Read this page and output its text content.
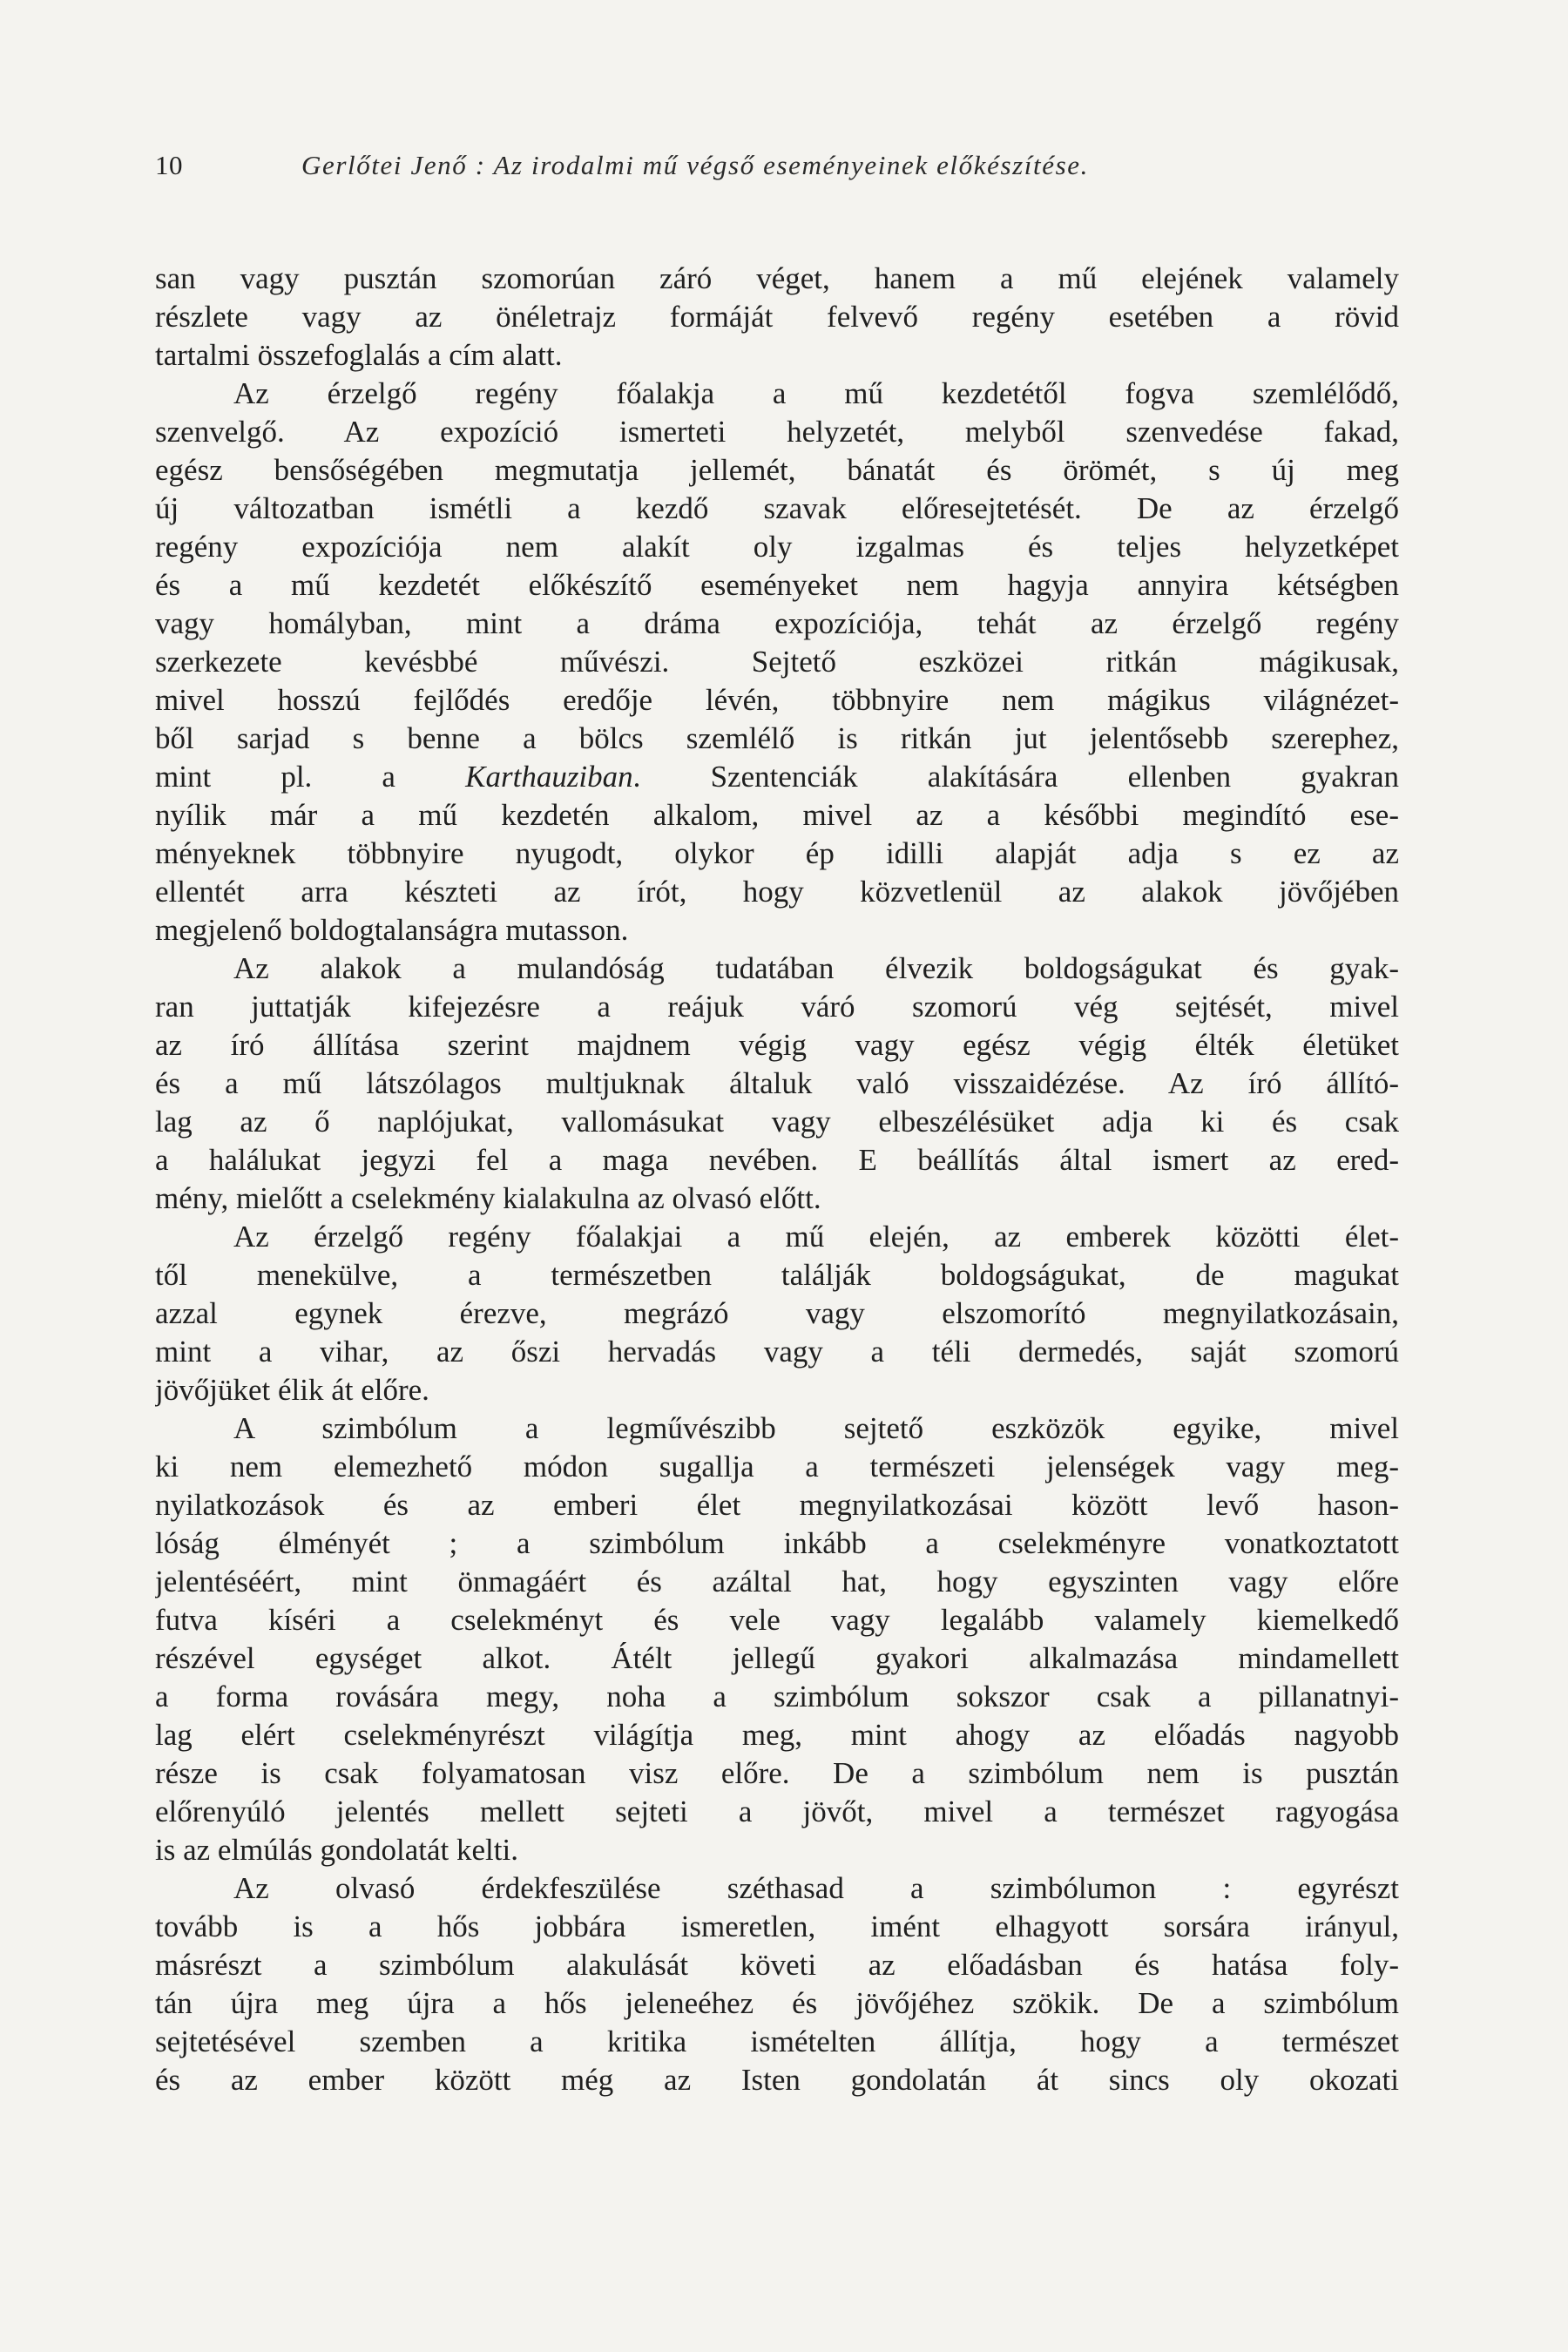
10	Gerlőtei Jenő : Az irodalmi mű végső eseményeinek előkészítése.
san vagy pusztán szomorúan záró véget, hanem a mű elejének valamely
részlete vagy az önéletrajz formáját felvevő regény esetében a rövid
tartalmi összefoglalás a cím alatt.
Az érzelgő regény főalakja a mű kezdetétől fogva szemlélődő,
szenvelgő. Az expozíció ismerteti helyzetét, melyből szenvedése fakad,
egész bensőségében megmutatja jellemét, bánatát és örömét, s új meg
új változatban ismétli a kezdő szavak előresejtetését. De az érzelgő
regény expozíciója nem alakít oly izgalmas és teljes helyzetképet
és a mű kezdetét előkészítő eseményeket nem hagyja annyira kétségben
vagy homályban, mint a dráma expozíciója, tehát az érzelgő regény
szerkezete kevésbbé művészi. Sejtető eszközei ritkán mágikusak,
mivel hosszú fejlődés eredője lévén, többnyire nem mágikus világnézet-
ből sarjad s benne a bölcs szemlélő is ritkán jut jelentősebb szerephez,
mint pl. a Karthauziban. Szentenciák alakítására ellenben gyakran
nyílik már a mű kezdetén alkalom, mivel az a későbbi megindító ese-
ményeknek többnyire nyugodt, olykor ép idilli alapját adja s ez az
ellentét arra készteti az írót, hogy közvetlenül az alakok jövőjében
megjelenő boldogtalanságra mutasson.
Az alakok a mulandóság tudatában élvezik boldogságukat és gyak-
ran juttatják kifejezésre a reájuk váró szomorú vég sejtését, mivel
az író állítása szerint majdnem végig vagy egész végig élték életüket
és a mű látszólagos multjuknak általuk való visszaidézése. Az író állító-
lag az ő naplójukat, vallomásukat vagy elbeszélésüket adja ki és csak
a halálukat jegyzi fel a maga nevében. E beállítás által ismert az ered-
mény, mielőtt a cselekmény kialakulna az olvasó előtt.
Az érzelgő regény főalakjai a mű elején, az emberek közötti élet-
től menekülve, a természetben találják boldogságukat, de magukat
azzal egynek érezve, megrázó vagy elszomorító megnyilatkozásain,
mint a vihar, az őszi hervadás vagy a téli dermedés, saját szomorú
jövőjüket élik át előre.
A szimbólum a legművészibb sejtető eszközök egyike, mivel
ki nem elemezhető módon sugallja a természeti jelenségek vagy meg-
nyilatkozások és az emberi élet megnyilatkozásai között levő hason-
lóság élményét ; a szimbólum inkább a cselekményre vonatkoztatott
jelentéséért, mint önmagáért és azáltal hat, hogy egyszinten vagy előre
futva kíséri a cselekményt és vele vagy legalább valamely kiemelkedő
részével egységet alkot. Átélt jellegű gyakori alkalmazása mindamellett
a forma rovására megy, noha a szimbólum sokszor csak a pillanatnyi-
lag elért cselekményrészt világítja meg, mint ahogy az előadás nagyobb
része is csak folyamatosan visz előre. De a szimbólum nem is pusztán
előrenyúló jelentés mellett sejteti a jövőt, mivel a természet ragyogása
is az elmúlás gondolatát kelti.
Az olvasó érdekfeszülése széthasad a szimbólumon : egyrészt
tovább is a hős jobbára ismeretlen, imént elhagyott sorsára irányul,
másrészt a szimbólum alakulását követi az előadásban és hatása foly-
tán újra meg újra a hős jeleneéhez és jövőjéhez szökik. De a szimbólum
sejtetésével szemben a kritika ismételten állítja, hogy a természet
és az ember között még az Isten gondolatán át sincs oly okozati
